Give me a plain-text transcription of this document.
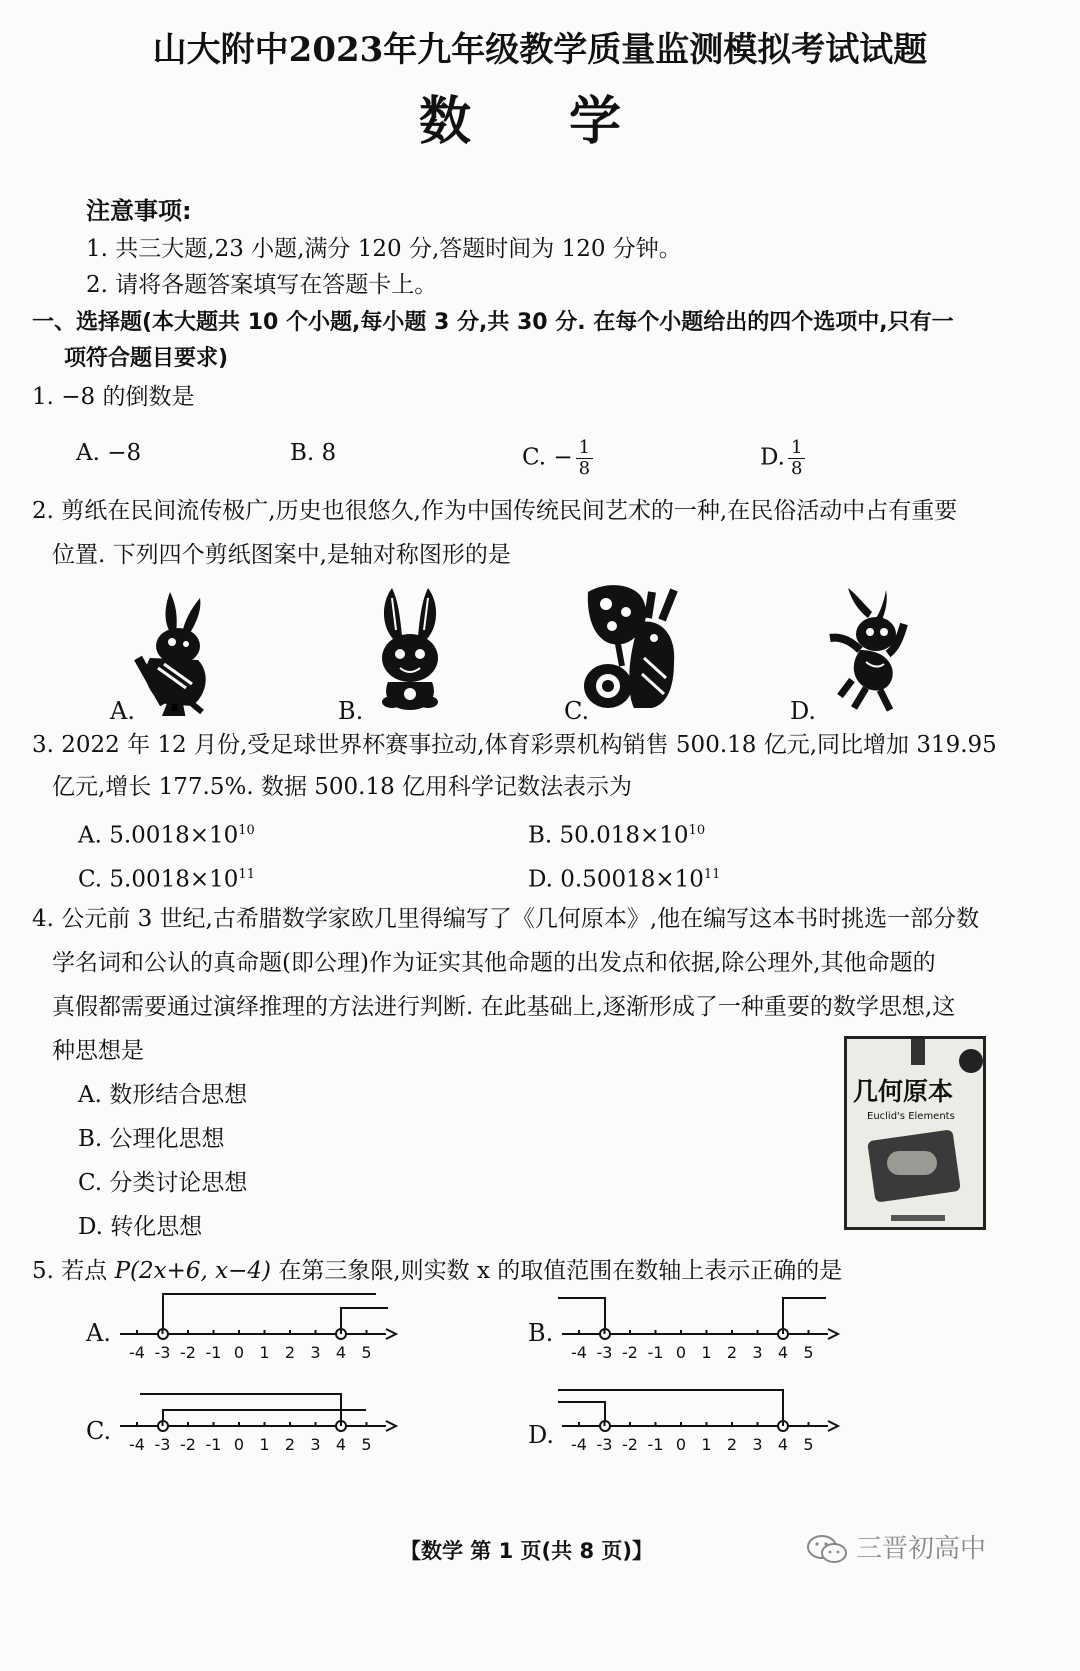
山大附中2023年九年级教学质量监测模拟考试试题
数 学
注意事项:
1. 共三大题,23 小题,满分 120 分,答题时间为 120 分钟。
2. 请将各题答案填写在答题卡上。
一、选择题(本大题共 10 个小题,每小题 3 分,共 30 分. 在每个小题给出的四个选项中,只有一
项符合题目要求)
1. −8 的倒数是
A. −8	B. 8	C. − $\frac{1}{8}$	D. $\frac{1}{8}$
2. 剪纸在民间流传极广,历史也很悠久,作为中国传统民间艺术的一种,在民俗活动中占有重要
位置. 下列四个剪纸图案中,是轴对称图形的是
A.	B.	C.	D.
3. 2022 年 12 月份,受足球世界杯赛事拉动,体育彩票机构销售 500.18 亿元,同比增加 319.95
亿元,增长 177.5%. 数据 500.18 亿用科学记数法表示为
A. $5.0018\times 10^{10}$	B. $50.018\times 10^{10}$
C. $5.0018\times 10^{11}$	D. $0.50018\times 10^{11}$
4. 公元前 3 世纪,古希腊数学家欧几里得编写了《几何原本》,他在编写这本书时挑选一部分数
学名词和公认的真命题(即公理)作为证实其他命题的出发点和依据,除公理外,其他命题的
真假都需要通过演绎推理的方法进行判断. 在此基础上,逐渐形成了一种重要的数学思想,这
种思想是
A. 数形结合思想
B. 公理化思想
C. 分类讨论思想
D. 转化思想
几何原本
Euclid's Elements
5. 若点 P(2x+6, x−4) 在第三象限,则实数 x 的取值范围在数轴上表示正确的是
A.	B.
C.	D.
-4 -3 -2 -1 0 1 2 3 4 5	-4 -3 -2 -1 0 1 2 3 4 5
-4 -3 -2 -1 0 1 2 3 4 5	-4 -3 -2 -1 0 1 2 3 4 5
【数学 第 1 页(共 8 页)】	三晋初高中
